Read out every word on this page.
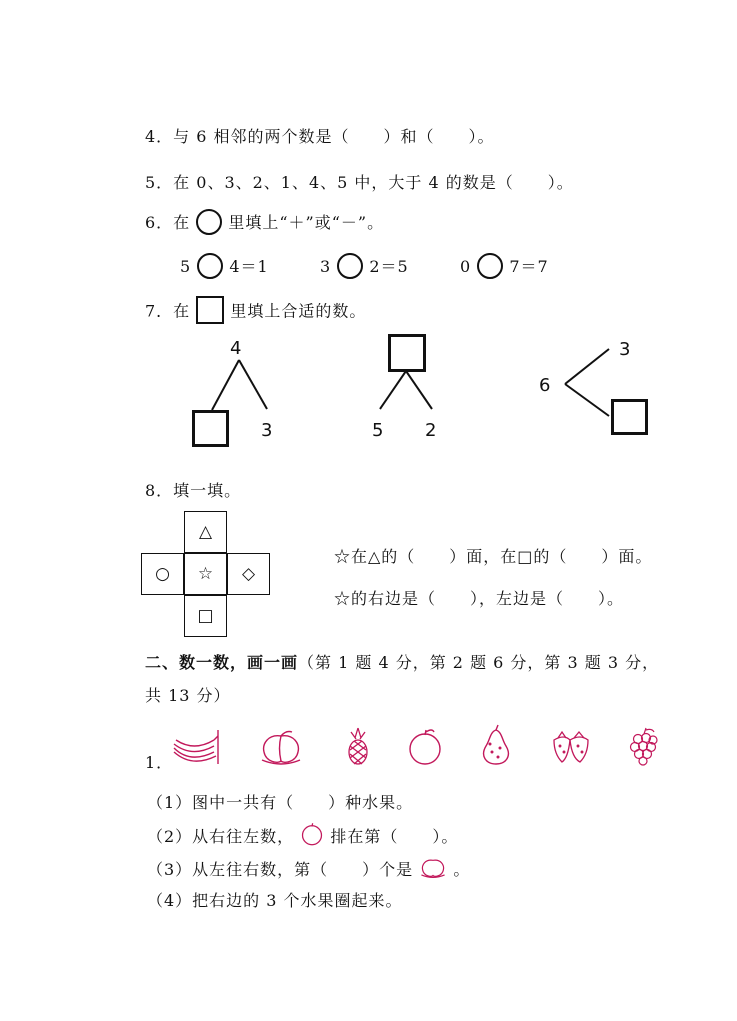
4．与 6 相邻的两个数是（　　）和（　　）。
5．在 0、3、2、1、4、5 中，大于 4 的数是（　　）。
6．在 里填上“＋”或“－”。
5 4＝1	3 2＝5	0 7＝7
7．在	里填上合适的数。
4
3	5 2
6
3
8．填一填。
△
○	☆	◇
□
☆在△的（　　）面，在□的（　　）面。
☆的右边是（　　），左边是（　　）。
二、数一数，画一画（第 1 题 4 分，第 2 题 6 分，第 3 题 3 分，
共 13 分）
1．
（1）图中一共有（　　）种水果。
（2）从右往左数， 排在第（　　）。
（3）从左往右数，第（　　）个是	。
（4）把右边的 3 个水果圈起来。
